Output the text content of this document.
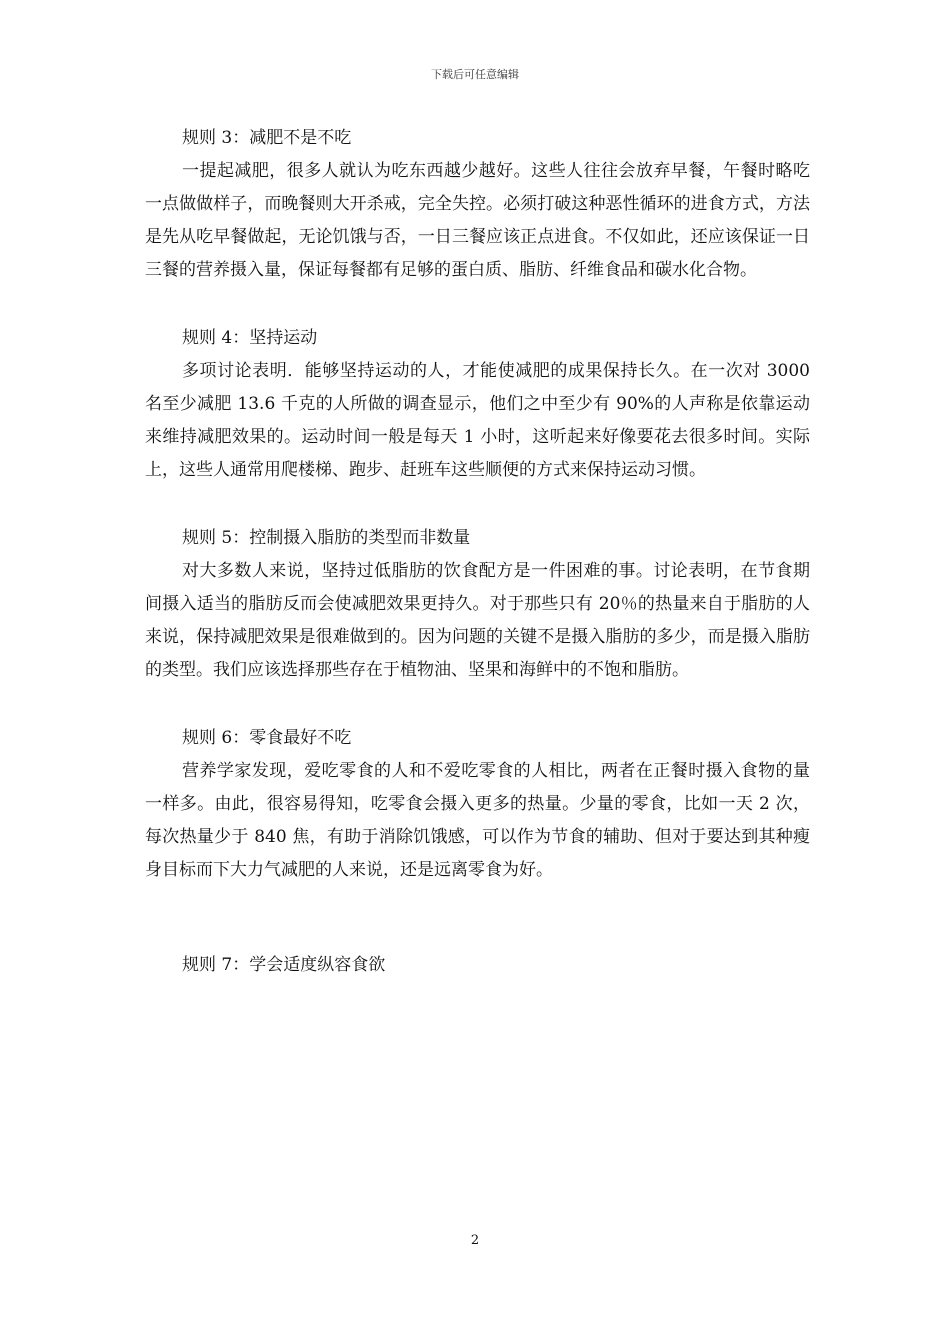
下载后可任意编辑
规则 3：减肥不是不吃

一提起减肥，很多人就认为吃东西越少越好。这些人往往会放弃早餐，午餐时略吃一点做做样子，而晚餐则大开杀戒，完全失控。必须打破这种恶性循环的进食方式，方法是先从吃早餐做起，无论饥饿与否，一日三餐应该正点进食。不仅如此，还应该保证一日三餐的营养摄入量，保证每餐都有足够的蛋白质、脂肪、纤维食品和碳水化合物。

规则 4：坚持运动

多项讨论表明．能够坚持运动的人，才能使减肥的成果保持长久。在一次对 3000 名至少减肥 13.6 千克的人所做的调查显示，他们之中至少有 90%的人声称是依靠运动来维持减肥效果的。运动时间一般是每天 1 小时，这听起来好像要花去很多时间。实际上，这些人通常用爬楼梯、跑步、赶班车这些顺便的方式来保持运动习惯。

规则 5：控制摄入脂肪的类型而非数量

对大多数人来说，坚持过低脂肪的饮食配方是一件困难的事。讨论表明，在节食期间摄入适当的脂肪反而会使减肥效果更持久。对于那些只有 20％的热量来自于脂肪的人来说，保持减肥效果是很难做到的。因为问题的关键不是摄入脂肪的多少，而是摄入脂肪的类型。我们应该选择那些存在于植物油、坚果和海鲜中的不饱和脂肪。

规则 6：零食最好不吃

营养学家发现，爱吃零食的人和不爱吃零食的人相比，两者在正餐时摄入食物的量一样多。由此，很容易得知，吃零食会摄入更多的热量。少量的零食，比如一天 2 次，每次热量少于 840 焦，有助于消除饥饿感，可以作为节食的辅助、但对于要达到其种瘦身目标而下大力气减肥的人来说，还是远离零食为好。

规则 7：学会适度纵容食欲
2
